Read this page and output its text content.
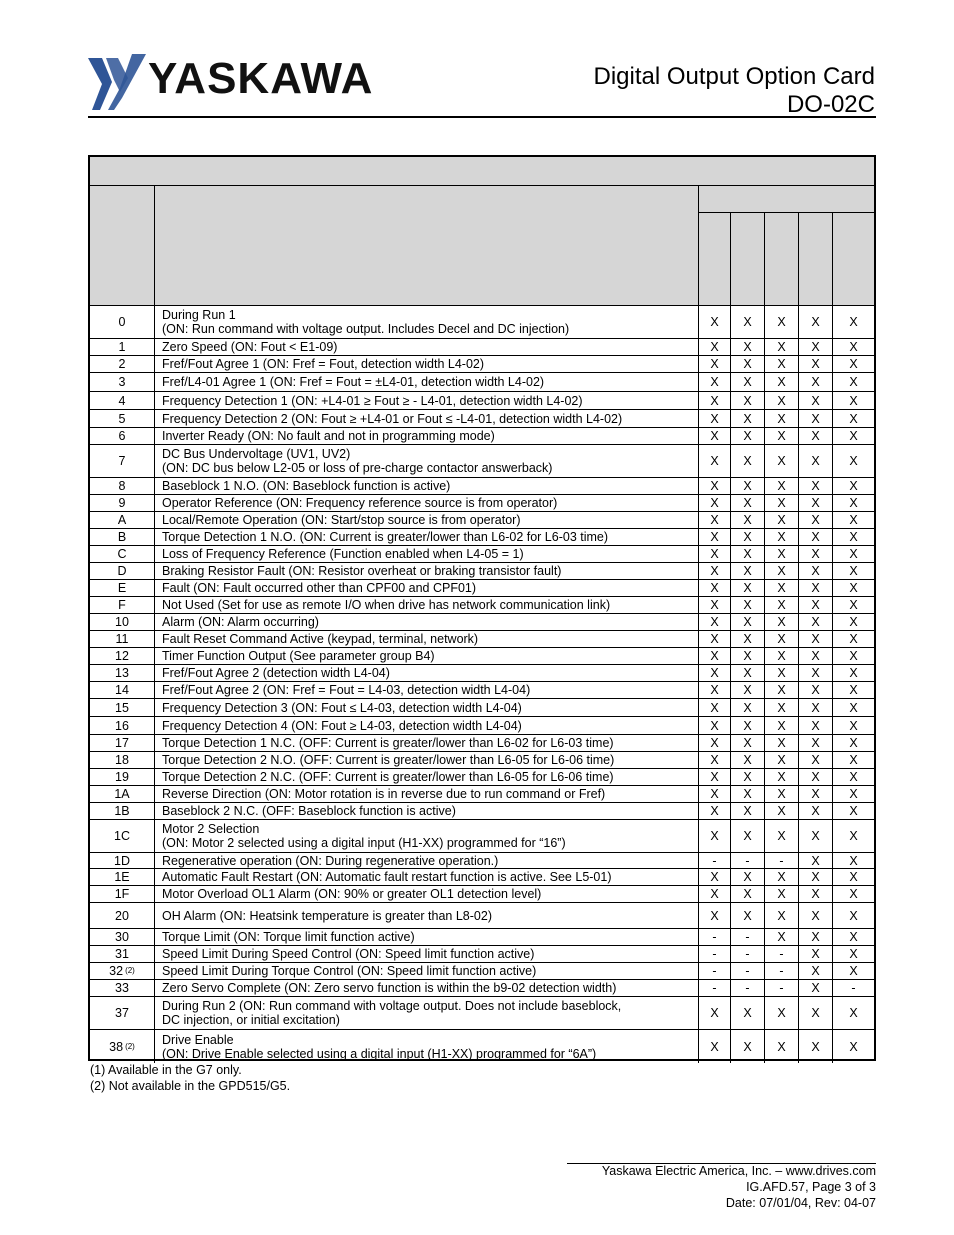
YASKAWA	Digital Output Option Card
DO-02C
0	During Run 1
(ON: Run command with voltage output. Includes Decel and DC injection)	X	X	X	X	X
1	Zero Speed (ON: Fout < E1-09)	X	X	X	X	X
2	Fref/Fout Agree 1 (ON: Fref = Fout, detection width L4-02)	X	X	X	X	X
3	Fref/L4-01 Agree 1 (ON: Fref = Fout = ±L4-01, detection width L4-02)	X	X	X	X	X
4	Frequency Detection 1 (ON: +L4-01 ≥ Fout ≥ - L4-01, detection width L4-02)	X	X	X	X	X
5	Frequency Detection 2 (ON: Fout ≥ +L4-01 or Fout ≤ -L4-01, detection width L4-02)	X	X	X	X	X
6	Inverter Ready (ON: No fault and not in programming mode)	X	X	X	X	X
7	DC Bus Undervoltage (UV1, UV2)
(ON: DC bus below L2-05 or loss of pre-charge contactor answerback)	X	X	X	X	X
8	Baseblock 1 N.O. (ON: Baseblock function is active)	X	X	X	X	X
9	Operator Reference (ON: Frequency reference source is from operator)	X	X	X	X	X
A	Local/Remote Operation (ON: Start/stop source is from operator)	X	X	X	X	X
B	Torque Detection 1 N.O. (ON: Current is greater/lower than L6-02 for L6-03 time)	X	X	X	X	X
C	Loss of Frequency Reference (Function enabled when L4-05 = 1)	X	X	X	X	X
D	Braking Resistor Fault (ON: Resistor overheat or braking transistor fault)	X	X	X	X	X
E	Fault (ON: Fault occurred other than CPF00 and CPF01)	X	X	X	X	X
F	Not Used (Set for use as remote I/O when drive has network communication link)	X	X	X	X	X
10	Alarm (ON: Alarm occurring)	X	X	X	X	X
11	Fault Reset Command Active (keypad, terminal, network)	X	X	X	X	X
12	Timer Function Output (See parameter group B4)	X	X	X	X	X
13	Fref/Fout Agree 2 (detection width L4-04)	X	X	X	X	X
14	Fref/Fout Agree 2 (ON: Fref = Fout = L4-03, detection width L4-04)	X	X	X	X	X
15	Frequency Detection 3 (ON: Fout ≤ L4-03, detection width L4-04)	X	X	X	X	X
16	Frequency Detection 4 (ON: Fout ≥ L4-03, detection width L4-04)	X	X	X	X	X
17	Torque Detection 1 N.C. (OFF: Current is greater/lower than L6-02 for L6-03 time)	X	X	X	X	X
18	Torque Detection 2 N.O. (OFF: Current is greater/lower than L6-05 for L6-06 time)	X	X	X	X	X
19	Torque Detection 2 N.C. (OFF: Current is greater/lower than L6-05 for L6-06 time)	X	X	X	X	X
1A	Reverse Direction (ON: Motor rotation is in reverse due to run command or Fref)	X	X	X	X	X
1B	Baseblock 2 N.C. (OFF: Baseblock function is active)	X	X	X	X	X
1C	Motor 2 Selection
(ON: Motor 2 selected using a digital input (H1-XX) programmed for “16”)	X	X	X	X	X
1D	Regenerative operation (ON: During regenerative operation.)	-	-	-	X	X
1E	Automatic Fault Restart (ON: Automatic fault restart function is active. See L5-01)	X	X	X	X	X
1F	Motor Overload OL1 Alarm (ON: 90% or greater OL1 detection level)	X	X	X	X	X
20	OH Alarm (ON: Heatsink temperature is greater than L8-02)	X	X	X	X	X
30	Torque Limit (ON: Torque limit function active)	-	-	X	X	X
31	Speed Limit During Speed Control (ON: Speed limit function active)	-	-	-	X	X
32 (2) Speed Limit During Torque Control (ON: Speed limit function active)	-	-	-	X	X
33	Zero Servo Complete (ON: Zero servo function is within the b9-02 detection width)	-	-	-	X	-
37	During Run 2 (ON: Run command with voltage output. Does not include baseblock,
DC injection, or initial excitation)	X	X	X	X	X
38 (2) Drive Enable
(ON: Drive Enable selected using a digital input (H1-XX) programmed for “6A”)	X	X	X	X	X
(1) Available in the G7 only.
(2) Not available in the GPD515/G5.
Yaskawa Electric America, Inc. – www.drives.com
IG.AFD.57, Page 3 of 3
Date: 07/01/04, Rev: 04-07
